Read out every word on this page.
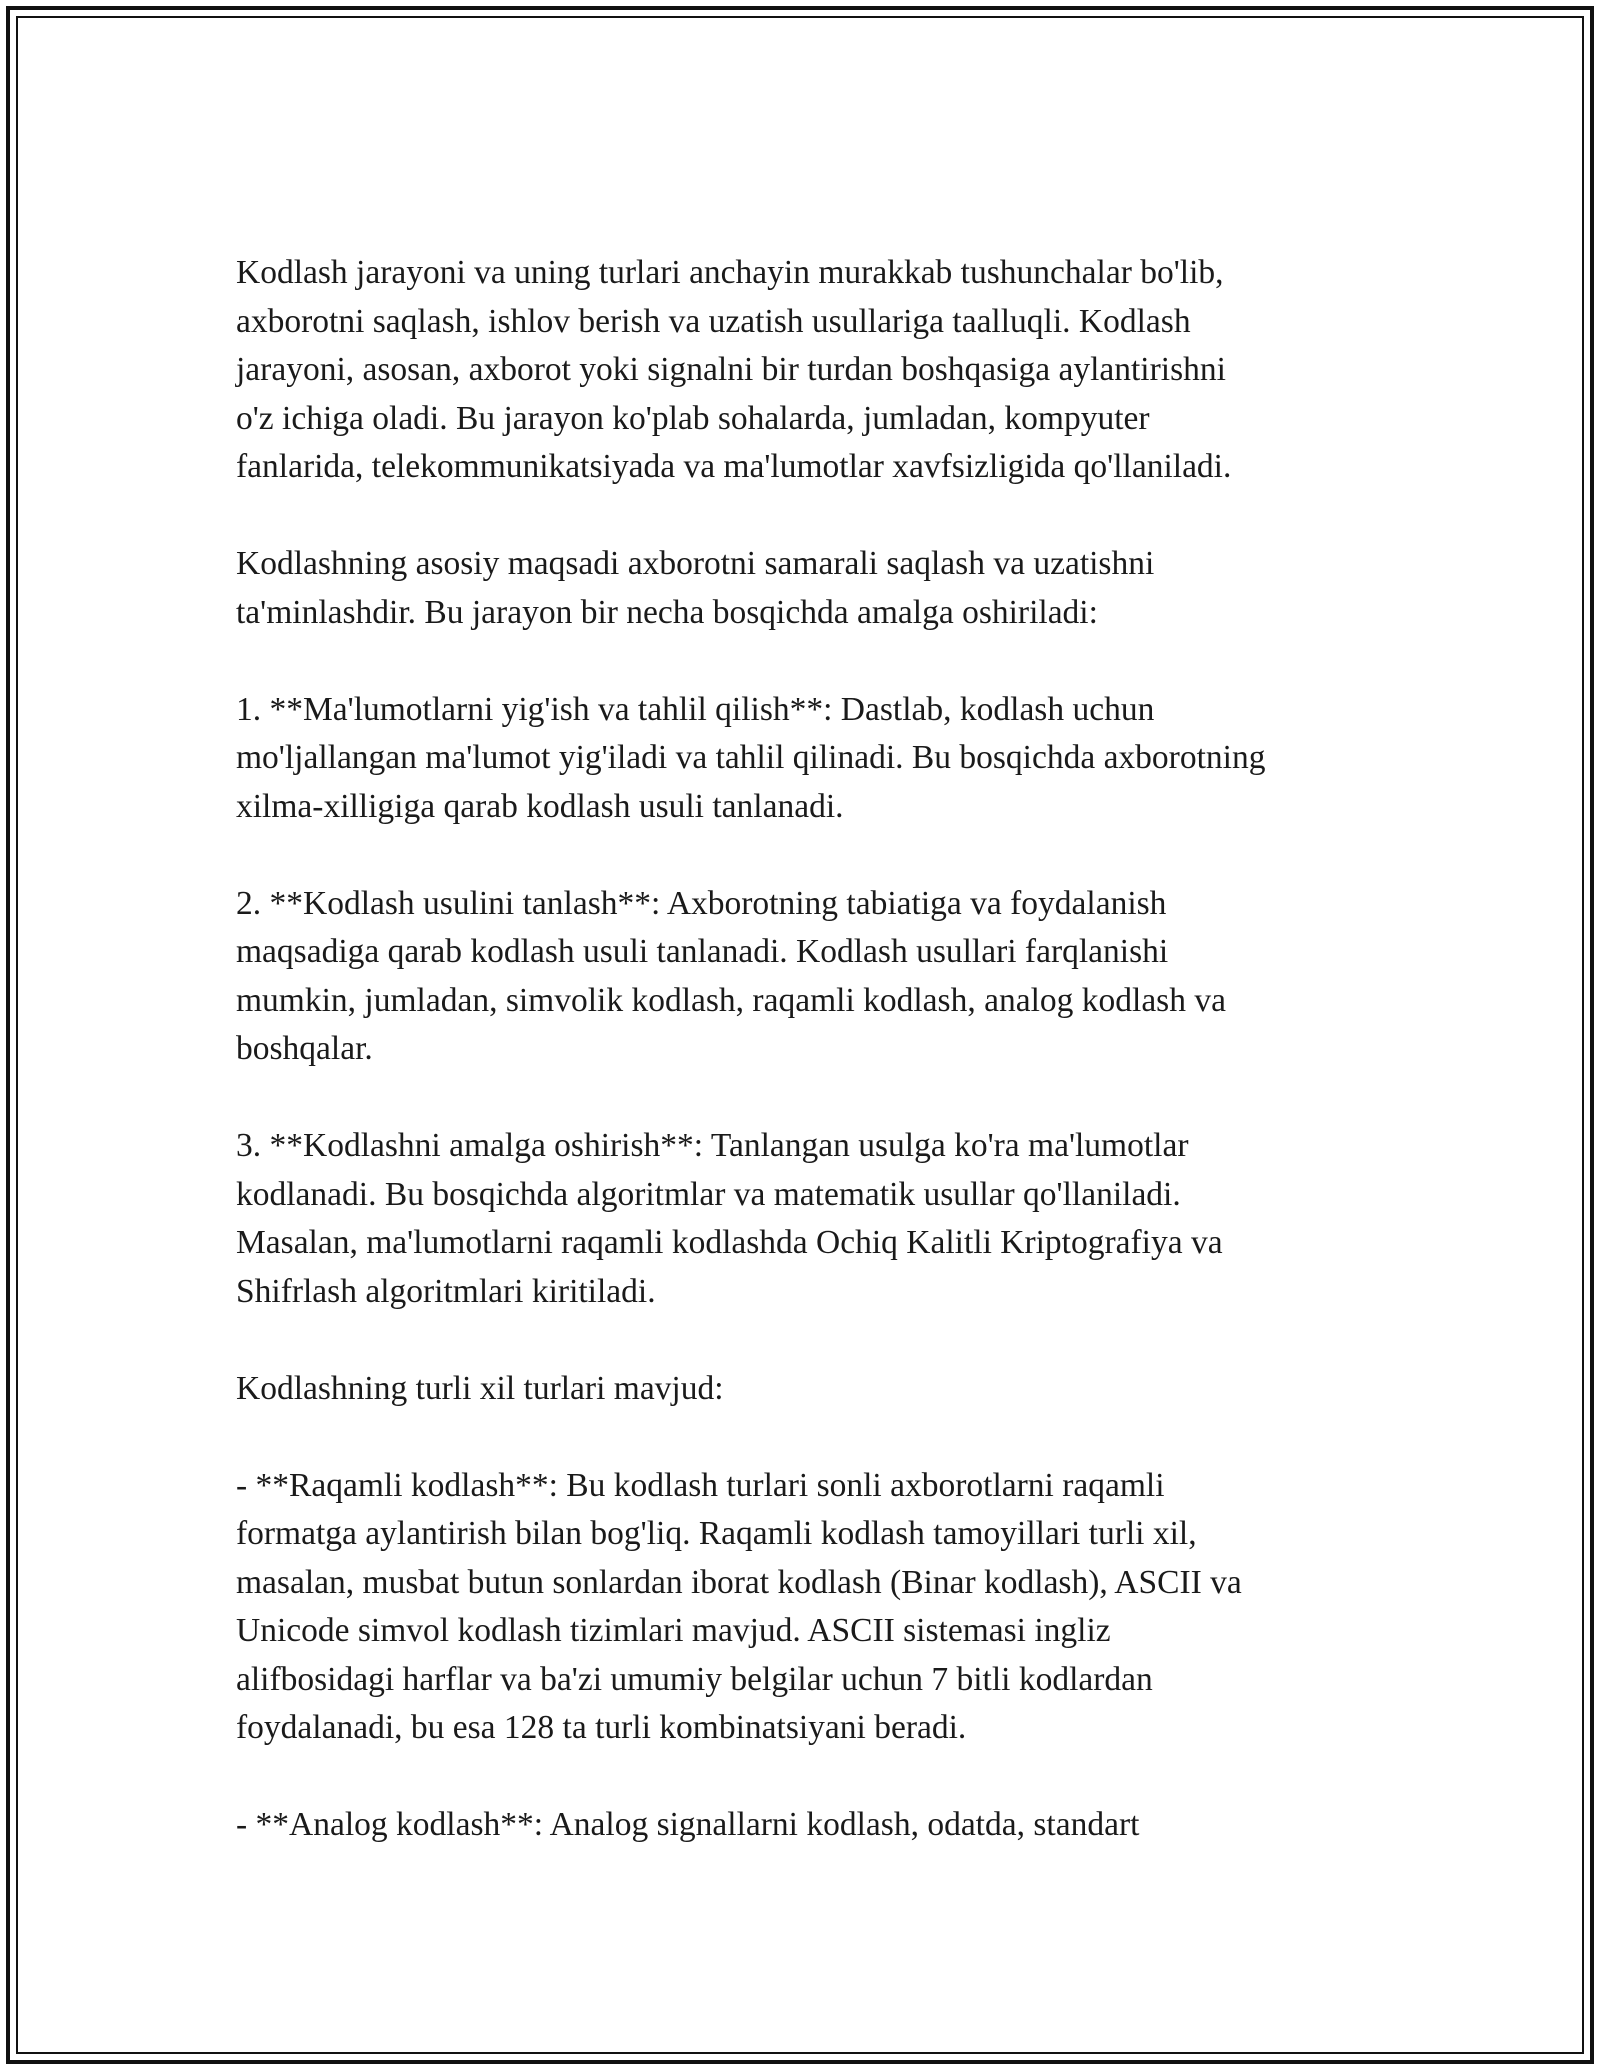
Kodlash jarayoni va uning turlari anchayin murakkab tushunchalar bo'lib,
axborotni saqlash, ishlov berish va uzatish usullariga taalluqli. Kodlash
jarayoni, asosan, axborot yoki signalni bir turdan boshqasiga aylantirishni
o'z ichiga oladi. Bu jarayon ko'plab sohalarda, jumladan, kompyuter
fanlarida, telekommunikatsiyada va ma'lumotlar xavfsizligida qo'llaniladi.

Kodlashning asosiy maqsadi axborotni samarali saqlash va uzatishni
ta'minlashdir. Bu jarayon bir necha bosqichda amalga oshiriladi:

1. **Ma'lumotlarni yig'ish va tahlil qilish**: Dastlab, kodlash uchun
mo'ljallangan ma'lumot yig'iladi va tahlil qilinadi. Bu bosqichda axborotning
xilma-xilligiga qarab kodlash usuli tanlanadi.

2. **Kodlash usulini tanlash**: Axborotning tabiatiga va foydalanish
maqsadiga qarab kodlash usuli tanlanadi. Kodlash usullari farqlanishi
mumkin, jumladan, simvolik kodlash, raqamli kodlash, analog kodlash va
boshqalar.

3. **Kodlashni amalga oshirish**: Tanlangan usulga ko'ra ma'lumotlar
kodlanadi. Bu bosqichda algoritmlar va matematik usullar qo'llaniladi.
Masalan, ma'lumotlarni raqamli kodlashda Ochiq Kalitli Kriptografiya va
Shifrlash algoritmlari kiritiladi.

Kodlashning turli xil turlari mavjud:

- **Raqamli kodlash**: Bu kodlash turlari sonli axborotlarni raqamli
formatga aylantirish bilan bog'liq. Raqamli kodlash tamoyillari turli xil,
masalan, musbat butun sonlardan iborat kodlash (Binar kodlash), ASCII va
Unicode simvol kodlash tizimlari mavjud. ASCII sistemasi ingliz
alifbosidagi harflar va ba'zi umumiy belgilar uchun 7 bitli kodlardan
foydalanadi, bu esa 128 ta turli kombinatsiyani beradi.

- **Analog kodlash**: Analog signallarni kodlash, odatda, standart
